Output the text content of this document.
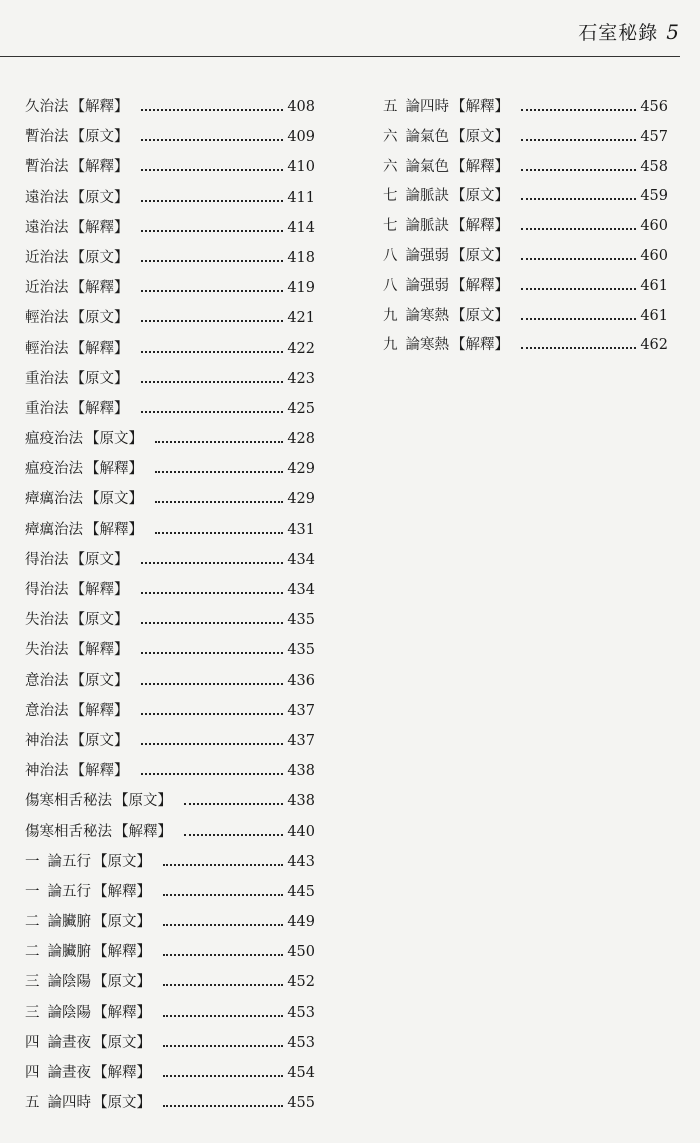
石室秘錄 5
久治法 【解釋】	408
暫治法 【原文】	409
暫治法 【解釋】	410
遠治法 【原文】	411
遠治法 【解釋】	414
近治法 【原文】	418
近治法 【解釋】	419
輕治法 【原文】	421
輕治法 【解釋】	422
重治法 【原文】	423
重治法 【解釋】	425
瘟疫治法 【原文】	428
瘟疫治法 【解釋】	429
瘴癘治法 【原文】	429
瘴癘治法 【解釋】	431
得治法 【原文】	434
得治法 【解釋】	434
失治法 【原文】	435
失治法 【解釋】	435
意治法 【原文】	436
意治法 【解釋】	437
神治法 【原文】	437
神治法 【解釋】	438
傷寒相舌秘法 【原文】	438
傷寒相舌秘法 【解釋】	440
一 論五行 【原文】	443
一 論五行 【解釋】	445
二 論臟腑 【原文】	449
二 論臟腑 【解釋】	450
三 論陰陽 【原文】	452
三 論陰陽 【解釋】	453
四 論晝夜 【原文】	453
四 論晝夜 【解釋】	454
五 論四時 【原文】	455
五 論四時 【解釋】	456
六 論氣色 【原文】	457
六 論氣色 【解釋】	458
七 論脈訣 【原文】	459
七 論脈訣 【解釋】	460
八 論强弱 【原文】	460
八 論强弱 【解釋】	461
九 論寒熱 【原文】	461
九 論寒熱 【解釋】	462
